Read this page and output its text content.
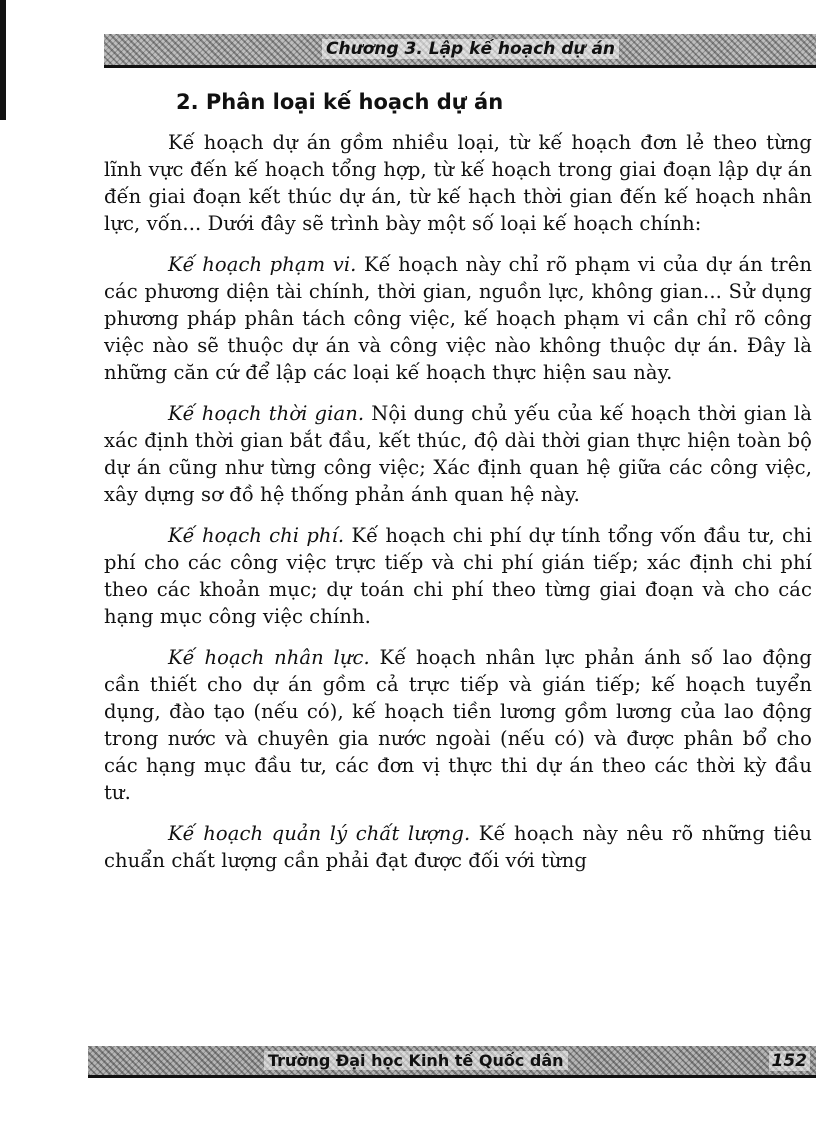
Chương 3. Lập kế hoạch dự án
2. Phân loại kế hoạch dự án

Kế hoạch dự án gồm nhiều loại, từ kế hoạch đơn lẻ theo từng lĩnh vực đến kế hoạch tổng hợp, từ kế hoạch trong giai đoạn lập dự án đến giai đoạn kết thúc dự án, từ kế hạch thời gian đến kế hoạch nhân lực, vốn... Dưới đây sẽ trình bày một số loại kế hoạch chính:

Kế hoạch phạm vi. Kế hoạch này chỉ rõ phạm vi của dự án trên các phương diện tài chính, thời gian, nguồn lực, không gian... Sử dụng phương pháp phân tách công việc, kế hoạch phạm vi cần chỉ rõ công việc nào sẽ thuộc dự án và công việc nào không thuộc dự án. Đây là những căn cứ để lập các loại kế hoạch thực hiện sau này.

Kế hoạch thời gian. Nội dung chủ yếu của kế hoạch thời gian là xác định thời gian bắt đầu, kết thúc, độ dài thời gian thực hiện toàn bộ dự án cũng như từng công việc; Xác định quan hệ giữa các công việc, xây dựng sơ đồ hệ thống phản ánh quan hệ này.

Kế hoạch chi phí. Kế hoạch chi phí dự tính tổng vốn đầu tư, chi phí cho các công việc trực tiếp và chi phí gián tiếp; xác định chi phí theo các khoản mục; dự toán chi phí theo từng giai đoạn và cho các hạng mục công việc chính.

Kế hoạch nhân lực. Kế hoạch nhân lực phản ánh số lao động cần thiết cho dự án gồm cả trực tiếp và gián tiếp; kế hoạch tuyển dụng, đào tạo (nếu có), kế hoạch tiền lương gồm lương của lao động trong nước và chuyên gia nước ngoài (nếu có) và được phân bổ cho các hạng mục đầu tư, các đơn vị thực thi dự án theo các thời kỳ đầu tư.

Kế hoạch quản lý chất lượng. Kế hoạch này nêu rõ những tiêu chuẩn chất lượng cần phải đạt được đối với từng

Trường Đại học Kinh tế Quốc dân	152
